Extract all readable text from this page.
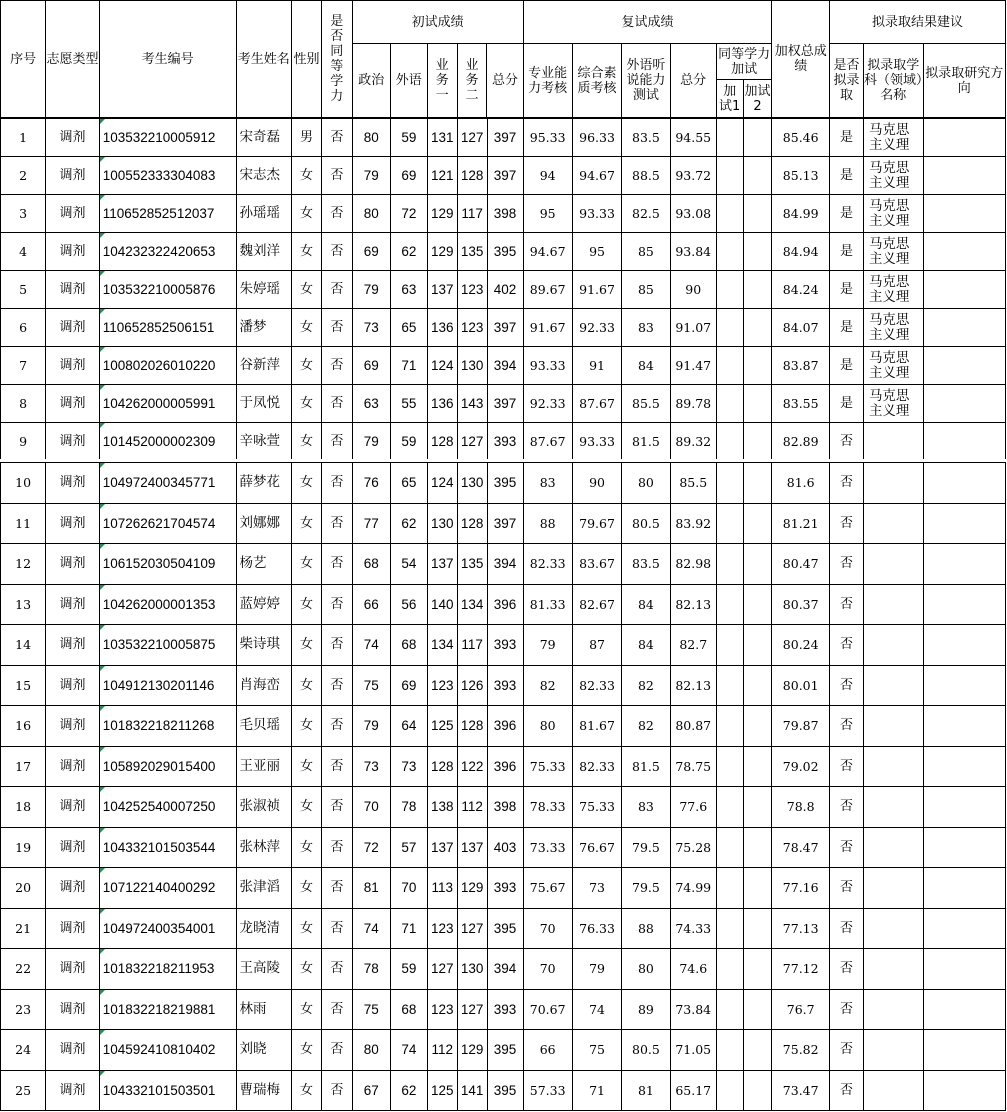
序号	志愿类型	考生编号	考生姓名	性别	是否同等学力	初试成绩					复试成绩						加权总成绩	拟录取结果建议		
						政治	外语	业务一	业务二	总分	专业能力考核	综合素质考核	外语听说能力测试	总分	同等学力加试			是否拟录取	拟录取学科（领域）名称	拟录取研究方向
															加试1	加试2				
1	调剂	103532210005912	宋奇磊	男	否	80	59	131	127	397	95.33	96.33	83.5	94.55			85.46	是	马克思主义理	
2	调剂	100552333304083	宋志杰	女	否	79	69	121	128	397	94	94.67	88.5	93.72			85.13	是	马克思主义理	
3	调剂	110652852512037	孙瑶瑶	女	否	80	72	129	117	398	95	93.33	82.5	93.08			84.99	是	马克思主义理	
4	调剂	104232322420653	魏刘洋	女	否	69	62	129	135	395	94.67	95	85	93.84			84.94	是	马克思主义理	
5	调剂	103532210005876	朱婷瑶	女	否	79	63	137	123	402	89.67	91.67	85	90			84.24	是	马克思主义理	
6	调剂	110652852506151	潘梦	女	否	73	65	136	123	397	91.67	92.33	83	91.07			84.07	是	马克思主义理	
7	调剂	100802026010220	谷新萍	女	否	69	71	124	130	394	93.33	91	84	91.47			83.87	是	马克思主义理	
8	调剂	104262000005991	于凤悦	女	否	63	55	136	143	397	92.33	87.67	85.5	89.78			83.55	是	马克思主义理	
9	调剂	101452000002309	辛咏萱	女	否	79	59	128	127	393	87.67	93.33	81.5	89.32			82.89	否		
10	调剂	104972400345771	薛梦花	女	否	76	65	124	130	395	83	90	80	85.5			81.6	否		
11	调剂	107262621704574	刘娜娜	女	否	77	62	130	128	397	88	79.67	80.5	83.92			81.21	否		
12	调剂	106152030504109	杨艺	女	否	68	54	137	135	394	82.33	83.67	83.5	82.98			80.47	否		
13	调剂	104262000001353	蓝婷婷	女	否	66	56	140	134	396	81.33	82.67	84	82.13			80.37	否		
14	调剂	103532210005875	柴诗琪	女	否	74	68	134	117	393	79	87	84	82.7			80.24	否		
15	调剂	104912130201146	肖海峦	女	否	75	69	123	126	393	82	82.33	82	82.13			80.01	否		
16	调剂	101832218211268	毛贝瑶	女	否	79	64	125	128	396	80	81.67	82	80.87			79.87	否		
17	调剂	105892029015400	王亚丽	女	否	73	73	128	122	396	75.33	82.33	81.5	78.75			79.02	否		
18	调剂	104252540007250	张淑祯	女	否	70	78	138	112	398	78.33	75.33	83	77.6			78.8	否		
19	调剂	104332101503544	张林萍	女	否	72	57	137	137	403	73.33	76.67	79.5	75.28			78.47	否		
20	调剂	107122140400292	张津滔	女	否	81	70	113	129	393	75.67	73	79.5	74.99			77.16	否		
21	调剂	104972400354001	龙晓清	女	否	74	71	123	127	395	70	76.33	88	74.33			77.13	否		
22	调剂	101832218211953	王高陵	女	否	78	59	127	130	394	70	79	80	74.6			77.12	否		
23	调剂	101832218219881	林雨	女	否	75	68	123	127	393	70.67	74	89	73.84			76.7	否		
24	调剂	104592410810402	刘晓	女	否	80	74	112	129	395	66	75	80.5	71.05			75.82	否		
25	调剂	104332101503501	曹瑞梅	女	否	67	62	125	141	395	57.33	71	81	65.17			73.47	否		
